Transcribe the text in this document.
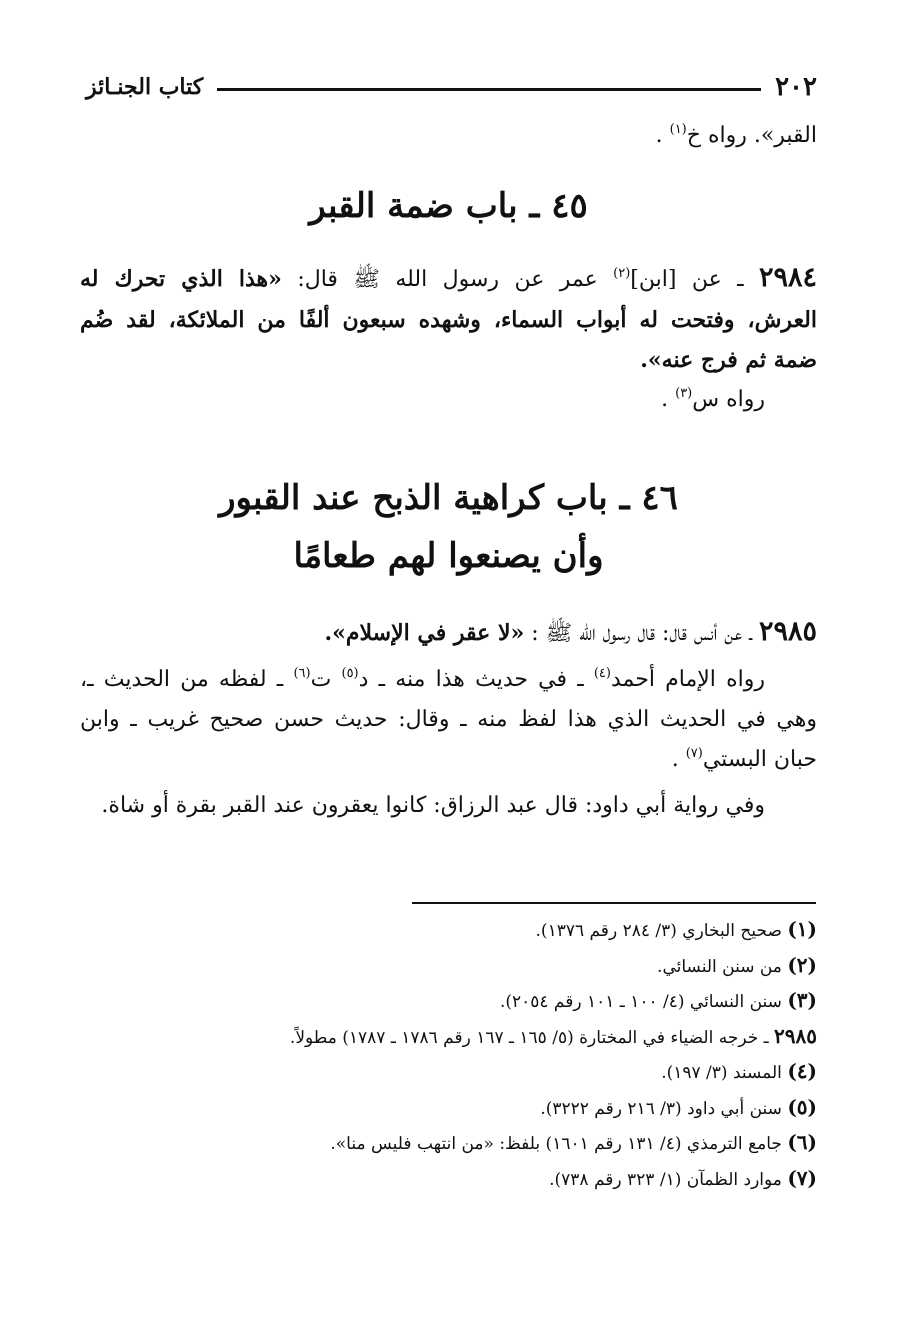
٢٠٢
كتاب الجنـائز
القبر». رواه خ$^{(١)}$ .
٤٥ ـ باب ضمة القبر
٢٩٨٤ ـ عن [ابن]$^{(٢)}$ عمر عن رسول الله ﷺ قال: «هذا الذي تحرك له
العرش، وفتحت له أبواب السماء، وشهده سبعون ألفًا من الملائكة، لقد ضُم
ضمة ثم فرج عنه».
رواه س$^{(٣)}$ .
٤٦ ـ باب كراهية الذبح عند القبور
وأن يصنعوا لهم طعامًا
٢٩٨٥ ـ عن أنس قال: قال رسول الله ﷺ : «لا عقر في الإسلام».
رواه الإمام أحمد$^{(٤)}$ ـ في حديث هذا منه ـ د$^{(٥)}$ ت$^{(٦)}$ ـ لفظه من الحديث ـ،
وهي في الحديث الذي هذا لفظ منه ـ وقال: حديث حسن صحيح غريب ـ وابن
حبان البستي$^{(٧)}$ .
وفي رواية أبي داود: قال عبد الرزاق: كانوا يعقرون عند القبر بقرة أو شاة.
(١) صحيح البخاري (٣/ ٢٨٤ رقم ١٣٧٦).
(٢) من سنن النسائي.
(٣) سنن النسائي (٤/ ١٠٠ ـ ١٠١ رقم ٢٠٥٤).
٢٩٨٥ ـ خرجه الضياء في المختارة (٥/ ١٦٥ ـ ١٦٧ رقم ١٧٨٦ ـ ١٧٨٧) مطولاً.
(٤) المسند (٣/ ١٩٧).
(٥) سنن أبي داود (٣/ ٢١٦ رقم ٣٢٢٢).
(٦) جامع الترمذي (٤/ ١٣١ رقم ١٦٠١) بلفظ: «من انتهب فليس منا».
(٧) موارد الظمآن (١/ ٣٢٣ رقم ٧٣٨).
